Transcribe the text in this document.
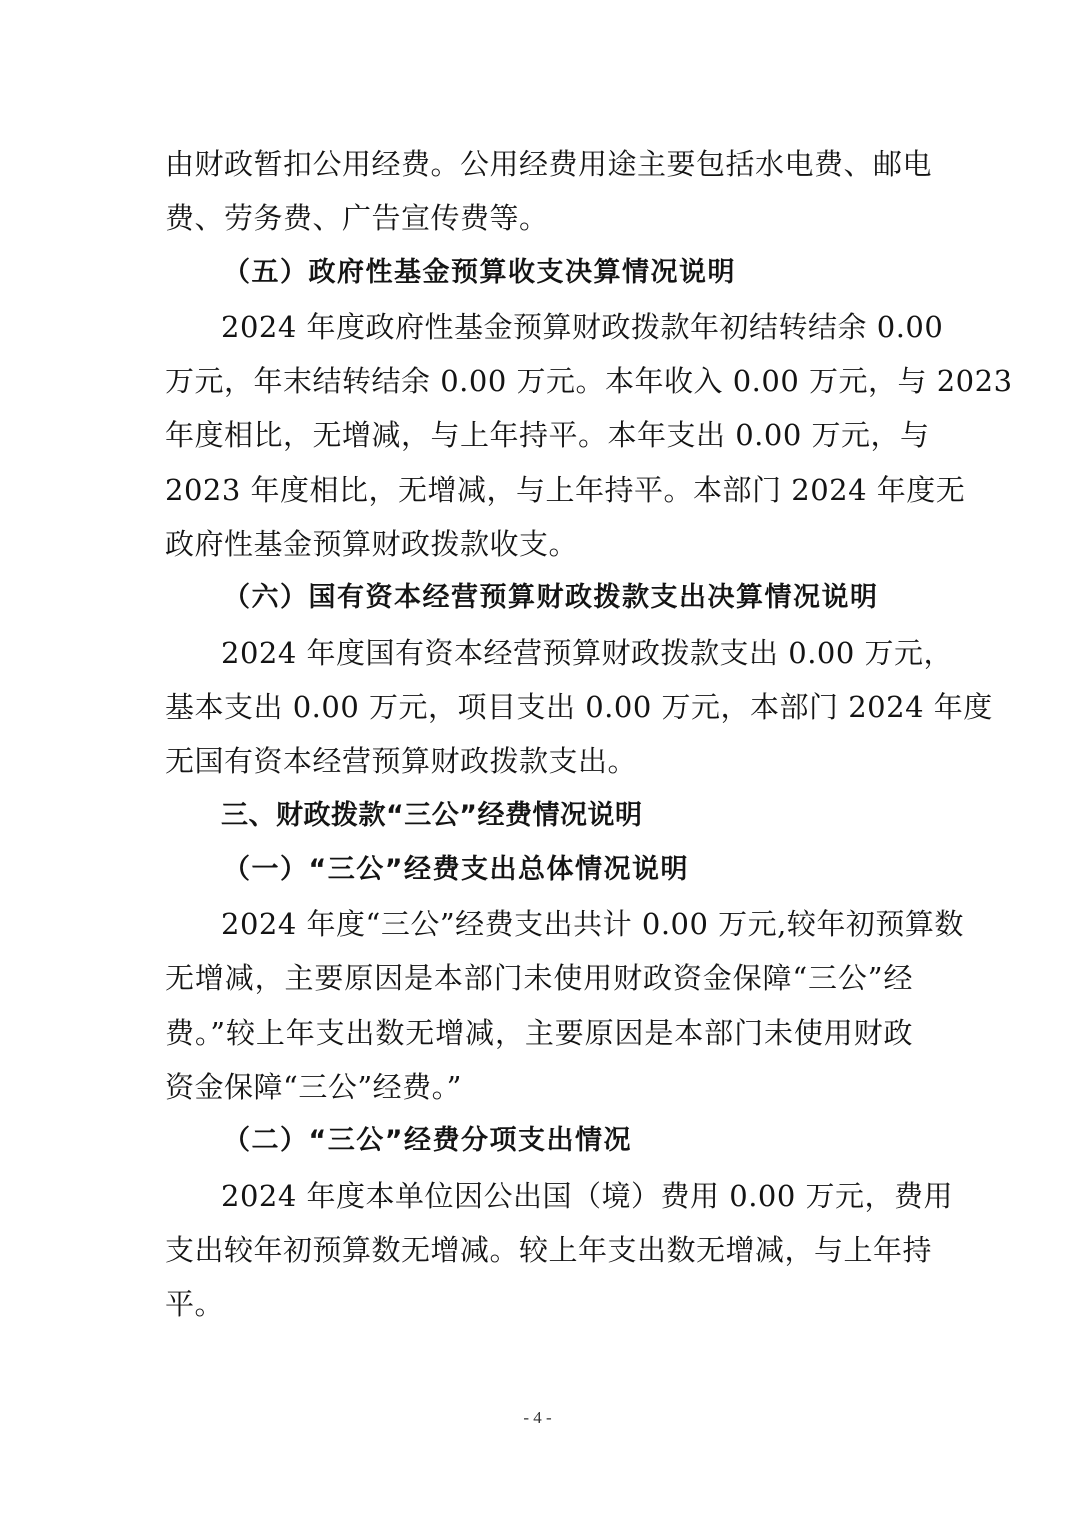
由财政暂扣公用经费。公用经费用途主要包括水电费、邮电
费、劳务费、广告宣传费等。
（五）政府性基金预算收支决算情况说明
2024 年度政府性基金预算财政拨款年初结转结余 0.00
万元，年末结转结余 0.00 万元。本年收入 0.00 万元，与 2023
年度相比，无增减，与上年持平。本年支出 0.00 万元，与
2023 年度相比，无增减，与上年持平。本部门 2024 年度无
政府性基金预算财政拨款收支。
（六）国有资本经营预算财政拨款支出决算情况说明
2024 年度国有资本经营预算财政拨款支出 0.00 万元，
基本支出 0.00 万元，项目支出 0.00 万元，本部门 2024 年度
无国有资本经营预算财政拨款支出。
三、财政拨款“三公”经费情况说明
（一）“三公”经费支出总体情况说明
2024 年度“三公”经费支出共计 0.00 万元,较年初预算数
无增减，主要原因是本部门未使用财政资金保障“三公”经
费。”较上年支出数无增减，主要原因是本部门未使用财政
资金保障“三公”经费。”
（二）“三公”经费分项支出情况
2024 年度本单位因公出国（境）费用 0.00 万元，费用
支出较年初预算数无增减。较上年支出数无增减，与上年持
平。
- 4 -
